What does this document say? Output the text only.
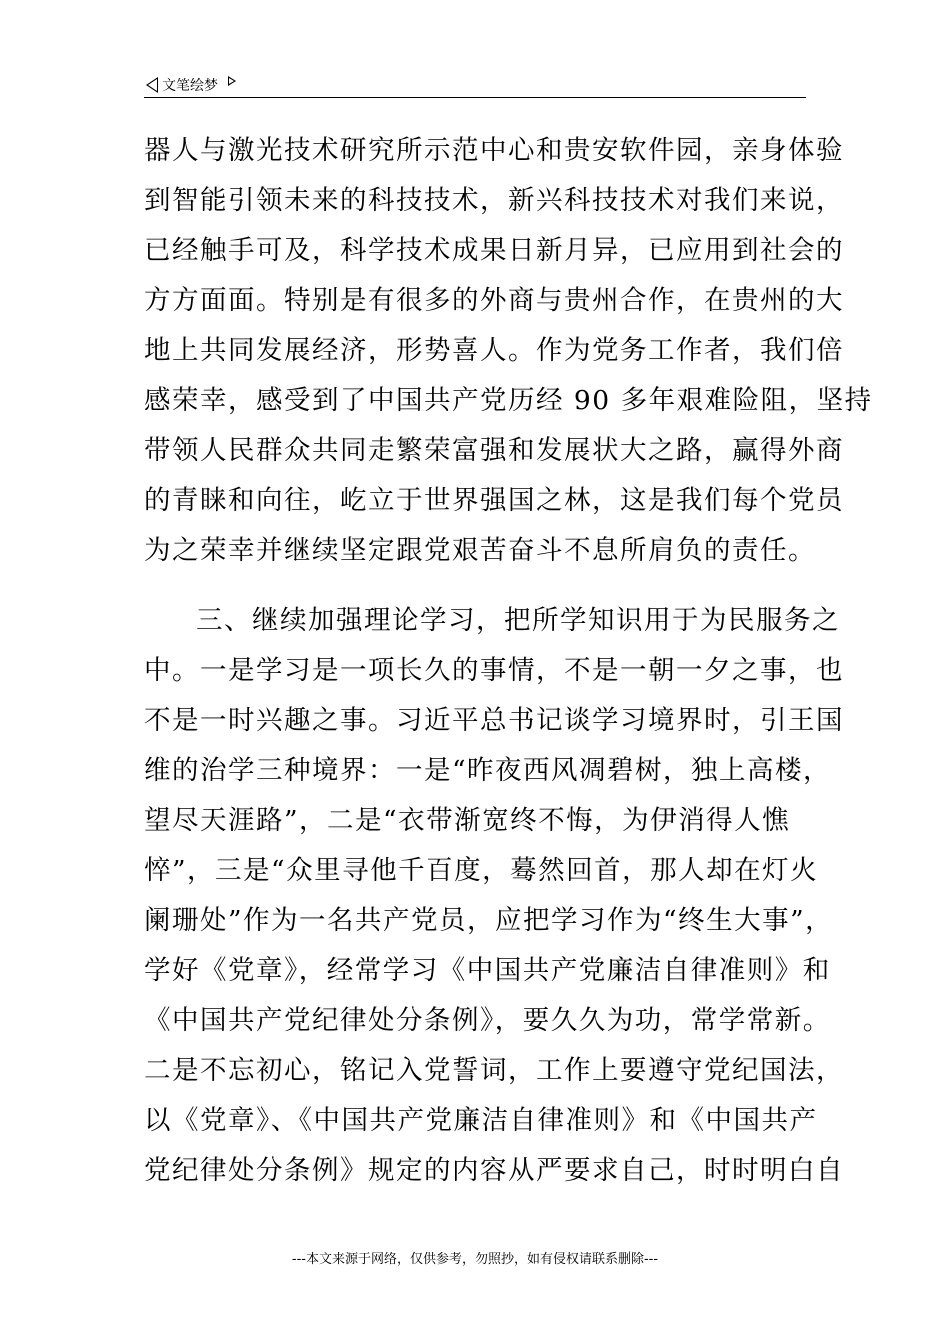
文笔绘梦
器人与激光技术研究所示范中心和贵安软件园，亲身体验
到智能引领未来的科技技术，新兴科技技术对我们来说，
已经触手可及，科学技术成果日新月异，已应用到社会的
方方面面。特别是有很多的外商与贵州合作，在贵州的大
地上共同发展经济，形势喜人。作为党务工作者，我们倍
感荣幸，感受到了中国共产党历经 90 多年艰难险阻，坚持
带领人民群众共同走繁荣富强和发展状大之路，赢得外商
的青睐和向往，屹立于世界强国之林，这是我们每个党员
为之荣幸并继续坚定跟党艰苦奋斗不息所肩负的责任。
三、继续加强理论学习，把所学知识用于为民服务之
中。一是学习是一项长久的事情，不是一朝一夕之事，也
不是一时兴趣之事。习近平总书记谈学习境界时，引王国
维的治学三种境界：一是“昨夜西风凋碧树，独上高楼，
望尽天涯路”，二是“衣带渐宽终不悔，为伊消得人憔
悴”，三是“众里寻他千百度，蓦然回首，那人却在灯火
阑珊处”作为一名共产党员，应把学习作为“终生大事”，
学好《党章》，经常学习《中国共产党廉洁自律准则》和
《中国共产党纪律处分条例》，要久久为功，常学常新。
二是不忘初心，铭记入党誓词，工作上要遵守党纪国法，
以《党章》、《中国共产党廉洁自律准则》和《中国共产
党纪律处分条例》规定的内容从严要求自己，时时明白自
---本文来源于网络，仅供参考，勿照抄，如有侵权请联系删除---
